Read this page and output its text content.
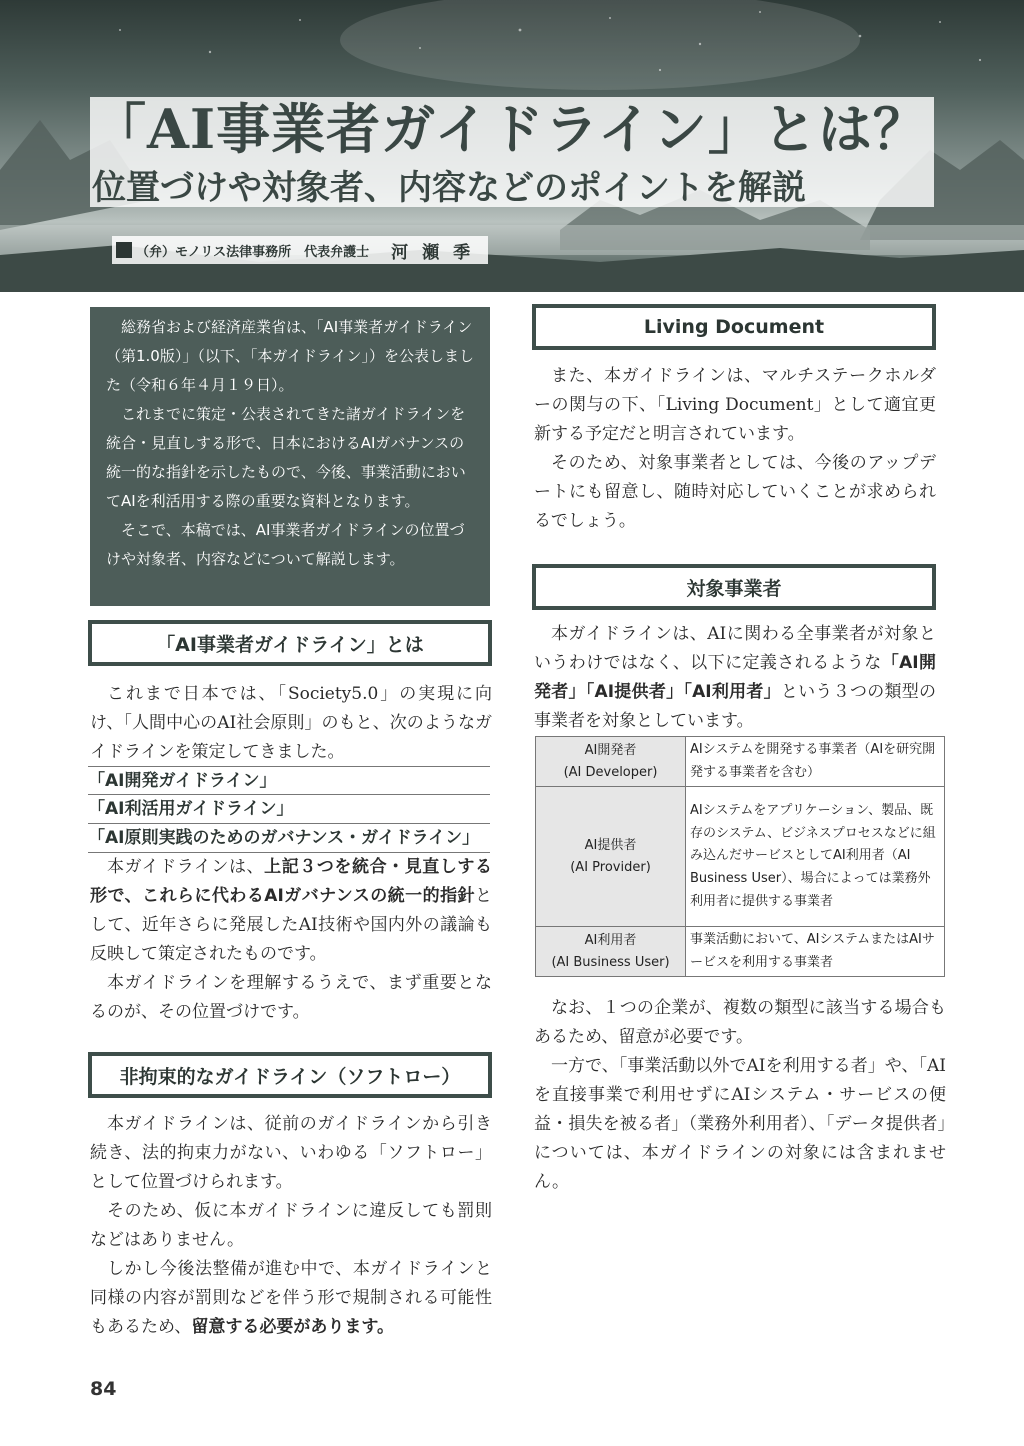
「AI事業者ガイドライン」とは？
位置づけや対象者、内容などのポイントを解説
（弁）モノリス法律事務所　代表弁護士 河瀬季

総務省および経済産業省は、「AI事業者ガイドライン（第1.0版）」（以下、「本ガイドライン」）を公表しました（令和６年４月１９日）。

これまでに策定・公表されてきた諸ガイドラインを統合・見直しする形で、日本におけるAIガバナンスの統一的な指針を示したもので、今後、事業活動においてAIを利活用する際の重要な資料となります。

そこで、本稿では、AI事業者ガイドラインの位置づけや対象者、内容などについて解説します。

「AI事業者ガイドライン」とは

これまで日本では、「Society5.0」の実現に向け、「人間中心のAI社会原則」のもと、次のようなガイドラインを策定してきました。

「AI開発ガイドライン」
「AI利活用ガイドライン」
「AI原則実践のためのガバナンス・ガイドライン」

本ガイドラインは、上記３つを統合・見直しする形で、これらに代わるAIガバナンスの統一的指針として、近年さらに発展したAI技術や国内外の議論も反映して策定されたものです。

本ガイドラインを理解するうえで、まず重要となるのが、その位置づけです。

非拘束的なガイドライン（ソフトロー）

本ガイドラインは、従前のガイドラインから引き続き、法的拘束力がない、いわゆる「ソフトロー」として位置づけられます。

そのため、仮に本ガイドラインに違反しても罰則などはありません。

しかし今後法整備が進む中で、本ガイドラインと同様の内容が罰則などを伴う形で規制される可能性もあるため、留意する必要があります。

Living Document

また、本ガイドラインは、マルチステークホルダーの関与の下、「Living Document」として適宜更新する予定だと明言されています。

そのため、対象事業者としては、今後のアップデートにも留意し、随時対応していくことが求められるでしょう。

対象事業者

本ガイドラインは、AIに関わる全事業者が対象というわけではなく、以下に定義されるような「AI開発者」「AI提供者」「AI利用者」という３つの類型の事業者を対象としています。

AI開発者
(AI Developer)	AIシステムを開発する事業者（AIを研究開発する事業者を含む）

AI提供者
(AI Provider)	AIシステムをアプリケーション、製品、既存のシステム、ビジネスプロセスなどに組み込んだサービスとしてAI利用者（AI Business User）、場合によっては業務外利用者に提供する事業者

AI利用者
(AI Business User)	事業活動において、AIシステムまたはAIサービスを利用する事業者

なお、１つの企業が、複数の類型に該当する場合もあるため、留意が必要です。

一方で、「事業活動以外でAIを利用する者」や、「AIを直接事業で利用せずにAIシステム・サービスの便益・損失を被る者」（業務外利用者）、「データ提供者」については、本ガイドラインの対象には含まれません。

84
